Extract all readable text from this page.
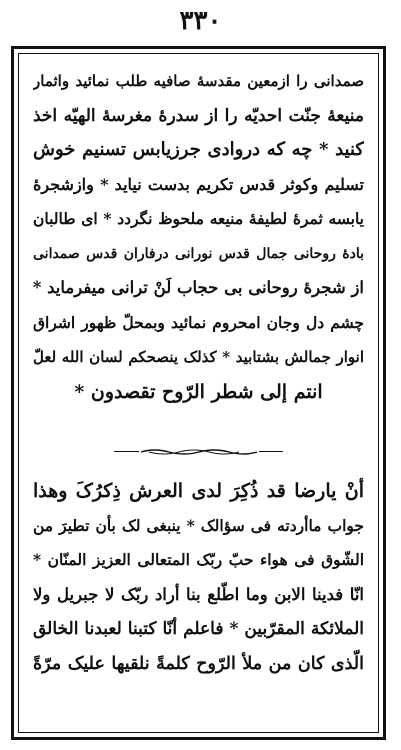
٣٣٠
صمدانی را ازمعین مقدسهٔ صافیه طلب نمائید واثمار
منیعهٔ جنّت احدیّه را از سدرهٔ مغرسهٔ الهیّه اخذ
کنید * چه که دروادی جرزیابس تسنیم خوش
تسلیم وکوثر قدس تکریم بدست نیاید * وازشجرهٔ
یابسه ثمرهٔ لطیفهٔ منیعه ملحوظ نگردد * ای طالبان
بادهٔ روحانی جمال قدس نورانی درفاران قدس صمدانی
از شجرهٔ روحانی بی حجاب لَنْ ترانی میفرماید *
چشم دل وجان امحروم نمائید وبمحلّ ظهور اشراق
انوار جمالش بشتابید * کذلک ینصحکم لسان الله لعلّ
انتم إلی شطر الرّوح تقصدون *
أنْ یارضا قد ذُکِرَ لدی العرش ذِکرُکَ وهذا
جواب ماأردته فی سؤالک * ینبغی لک بأن تطیرَ من
الشّوق فی هواء حبّ ربّک المتعالی العزیز المنّان *
انّا فدینا الابن وما اطّلع بنا أراد ربّک لا جبریل ولا
الملائکة المقرّبین * فاعلم أنّا کتبنا لعبدنا الخالق
الّذی کان من ملأ الرّوح کلمةً نلقیها علیک مرّةً
